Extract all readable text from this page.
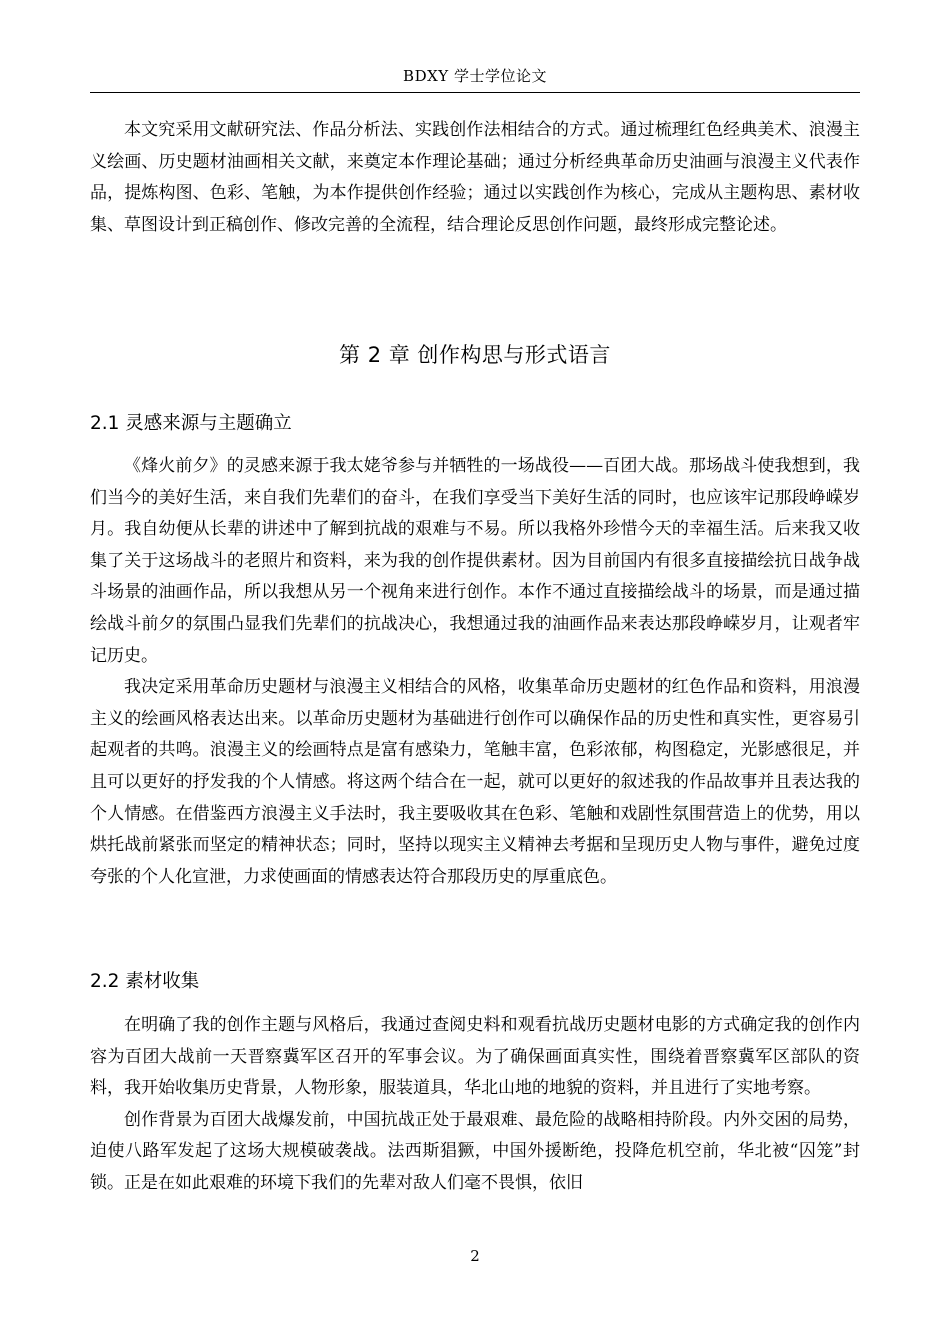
BDXY 学士学位论文

本文究采用文献研究法、作品分析法、实践创作法相结合的方式。通过梳理红色经典美术、浪漫主义绘画、历史题材油画相关文献，来奠定本作理论基础；通过分析经典革命历史油画与浪漫主义代表作品，提炼构图、色彩、笔触，为本作提供创作经验；通过以实践创作为核心，完成从主题构思、素材收集、草图设计到正稿创作、修改完善的全流程，结合理论反思创作问题，最终形成完整论述。

第 2 章 创作构思与形式语言
2.1 灵感来源与主题确立

《烽火前夕》的灵感来源于我太姥爷参与并牺牲的一场战役——百团大战。那场战斗使我想到，我们当今的美好生活，来自我们先辈们的奋斗，在我们享受当下美好生活的同时，也应该牢记那段峥嵘岁月。我自幼便从长辈的讲述中了解到抗战的艰难与不易。所以我格外珍惜今天的幸福生活。后来我又收集了关于这场战斗的老照片和资料，来为我的创作提供素材。因为目前国内有很多直接描绘抗日战争战斗场景的油画作品，所以我想从另一个视角来进行创作。本作不通过直接描绘战斗的场景，而是通过描绘战斗前夕的氛围凸显我们先辈们的抗战决心，我想通过我的油画作品来表达那段峥嵘岁月，让观者牢记历史。

我决定采用革命历史题材与浪漫主义相结合的风格，收集革命历史题材的红色作品和资料，用浪漫主义的绘画风格表达出来。以革命历史题材为基础进行创作可以确保作品的历史性和真实性，更容易引起观者的共鸣。浪漫主义的绘画特点是富有感染力，笔触丰富，色彩浓郁，构图稳定，光影感很足，并且可以更好的抒发我的个人情感。将这两个结合在一起，就可以更好的叙述我的作品故事并且表达我的个人情感。在借鉴西方浪漫主义手法时，我主要吸收其在色彩、笔触和戏剧性氛围营造上的优势，用以烘托战前紧张而坚定的精神状态；同时，坚持以现实主义精神去考据和呈现历史人物与事件，避免过度夸张的个人化宣泄，力求使画面的情感表达符合那段历史的厚重底色。

2.2 素材收集

在明确了我的创作主题与风格后，我通过查阅史料和观看抗战历史题材电影的方式确定我的创作内容为百团大战前一天晋察冀军区召开的军事会议。为了确保画面真实性，围绕着晋察冀军区部队的资料，我开始收集历史背景，人物形象，服装道具，华北山地的地貌的资料，并且进行了实地考察。

创作背景为百团大战爆发前，中国抗战正处于最艰难、最危险的战略相持阶段。内外交困的局势，迫使八路军发起了这场大规模破袭战。法西斯猖獗，中国外援断绝，投降危机空前，华北被“囚笼”封锁。正是在如此艰难的环境下我们的先辈对敌人们毫不畏惧，依旧

2
